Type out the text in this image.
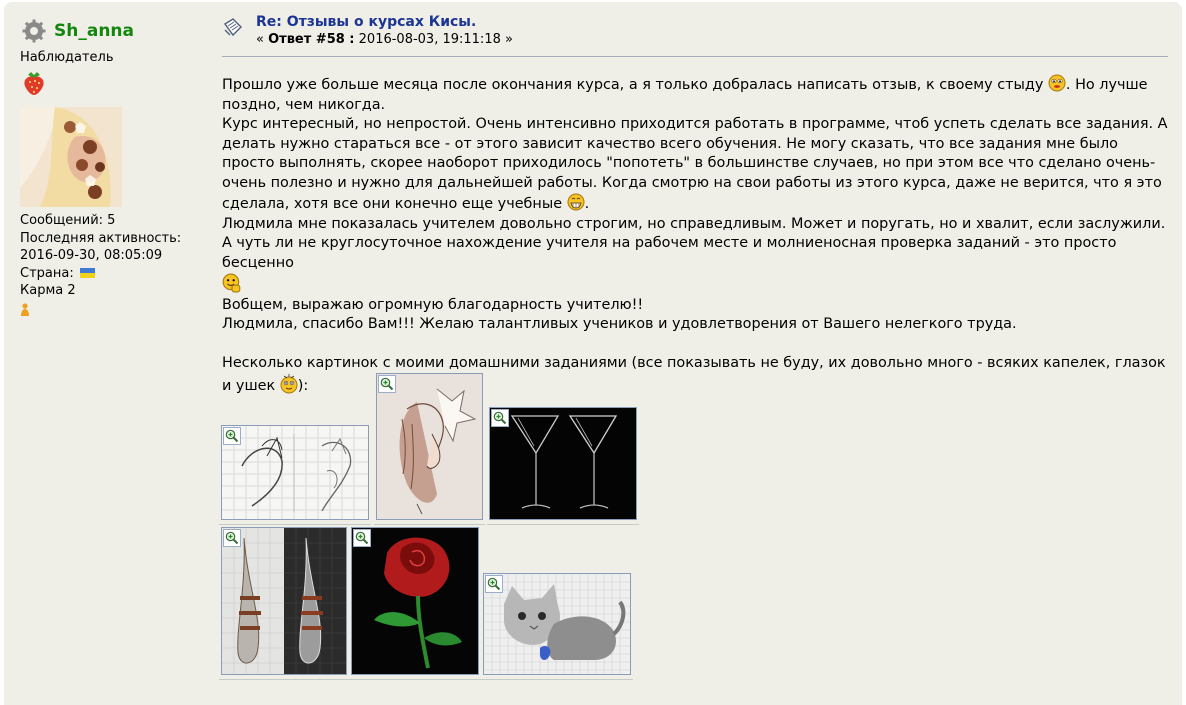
Sh_anna
Наблюдатель
Сообщений: 5
Последняя активность:
2016-09-30, 08:05:09
Страна:
Карма 2
Re: Отзывы о курсах Кисы.
« Ответ #58 : 2016-08-03, 19:11:18 »

Прошло уже больше месяца после окончания курса, а я только добралась написать отзыв, к своему стыду . Но лучше поздно, чем никогда.

Курс интересный, но непростой. Очень интенсивно приходится работать в программе, чтоб успеть сделать все задания. А делать нужно стараться все - от этого зависит качество всего обучения. Не могу сказать, что все задания мне было просто выполнять, скорее наоборот приходилось "попотеть" в большинстве случаев, но при этом все что сделано очень-очень полезно и нужно для дальнейшей работы. Когда смотрю на свои работы из этого курса, даже не верится, что я это сделала, хотя все они конечно еще учебные .

Людмила мне показалась учителем довольно строгим, но справедливым. Может и поругать, но и хвалит, если заслужили. А чуть ли не круглосуточное нахождение учителя на рабочем месте и молниеносная проверка заданий - это просто бесценно

Вобщем, выражаю огромную благодарность учителю!!

Людмила, спасибо Вам!!! Желаю талантливых учеников и удовлетворения от Вашего нелегкого труда.

Несколько картинок с моими домашними заданиями (все показывать не буду, их довольно много - всяких капелек, глазок и ушек ):
